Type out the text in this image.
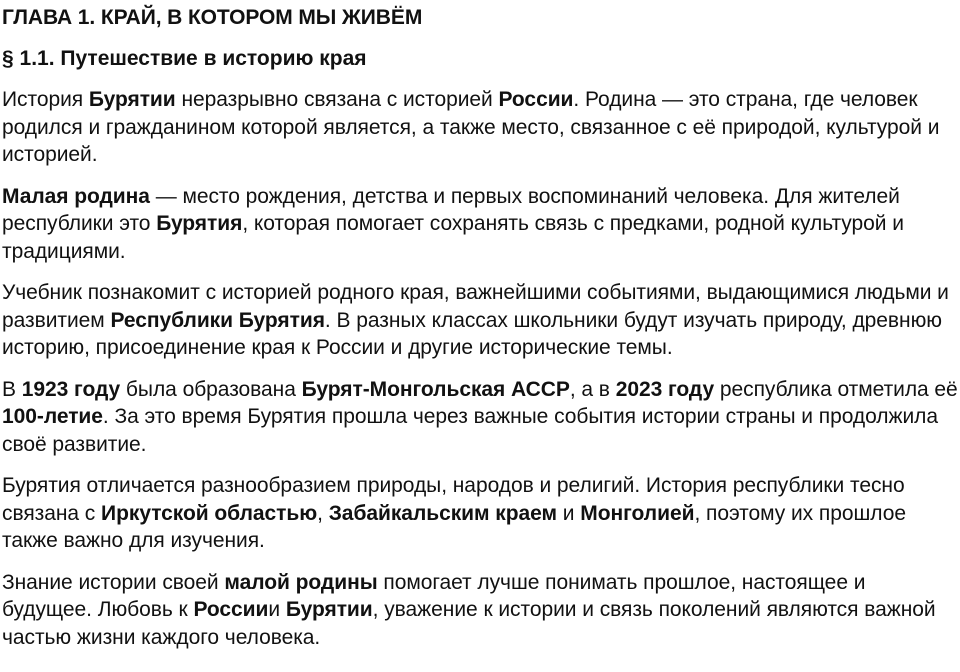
ГЛАВА 1. КРАЙ, В КОТОРОМ МЫ ЖИВЁМ
§ 1.1. Путешествие в историю края

История Бурятии неразрывно связана с историей России. Родина — это страна, где человек родился и гражданином которой является, а также место, связанное с её природой, культурой и историей.

Малая родина — место рождения, детства и первых воспоминаний человека. Для жителей республики это Бурятия, которая помогает сохранять связь с предками, родной культурой и традициями.

Учебник познакомит с историей родного края, важнейшими событиями, выдающимися людьми и развитием Республики Бурятия. В разных классах школьники будут изучать природу, древнюю историю, присоединение края к России и другие исторические темы.

В 1923 году была образована Бурят-Монгольская АССР, а в 2023 году республика отметила её 100-летие. За это время Бурятия прошла через важные события истории страны и продолжила своё развитие.

Бурятия отличается разнообразием природы, народов и религий. История республики тесно связана с Иркутской областью, Забайкальским краем и Монголией, поэтому их прошлое также важно для изучения.

Знание истории своей малой родины помогает лучше понимать прошлое, настоящее и будущее. Любовь к Россиии Бурятии, уважение к истории и связь поколений являются важной частью жизни каждого человека.
